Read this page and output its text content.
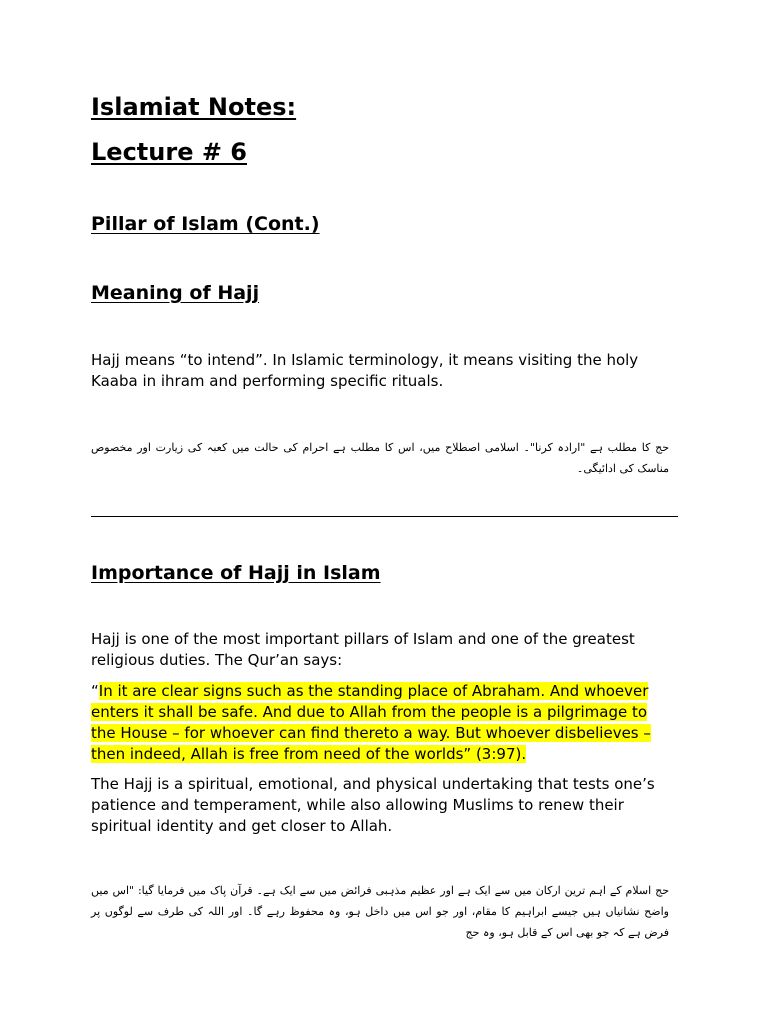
Islamiat Notes:
Lecture # 6
Pillar of Islam (Cont.)
Meaning of Hajj

Hajj means “to intend”. In Islamic terminology, it means visiting the holy Kaaba in ihram and performing specific rituals.

حج کا مطلب ہے "ارادہ کرنا"۔ اسلامی اصطلاح میں، اس کا مطلب ہے احرام کی حالت میں کعبہ کی زیارت اور مخصوص مناسک کی ادائیگی۔

Importance of Hajj in Islam

Hajj is one of the most important pillars of Islam and one of the greatest religious duties. The Qur’an says:

“In it are clear signs such as the standing place of Abraham. And whoever enters it shall be safe. And due to Allah from the people is a pilgrimage to the House – for whoever can find thereto a way. But whoever disbelieves – then indeed, Allah is free from need of the worlds” (3:97).

The Hajj is a spiritual, emotional, and physical undertaking that tests one’s patience and temperament, while also allowing Muslims to renew their spiritual identity and get closer to Allah.

حج اسلام کے اہم ترین ارکان میں سے ایک ہے اور عظیم مذہبی فرائض میں سے ایک ہے۔ قرآن پاک میں فرمایا گیا: "اس میں واضح نشانیاں ہیں جیسے ابراہیم کا مقام، اور جو اس میں داخل ہو، وہ محفوظ رہے گا۔ اور اللہ کی طرف سے لوگوں پر فرض ہے کہ جو بھی اس کے قابل ہو، وہ حج
